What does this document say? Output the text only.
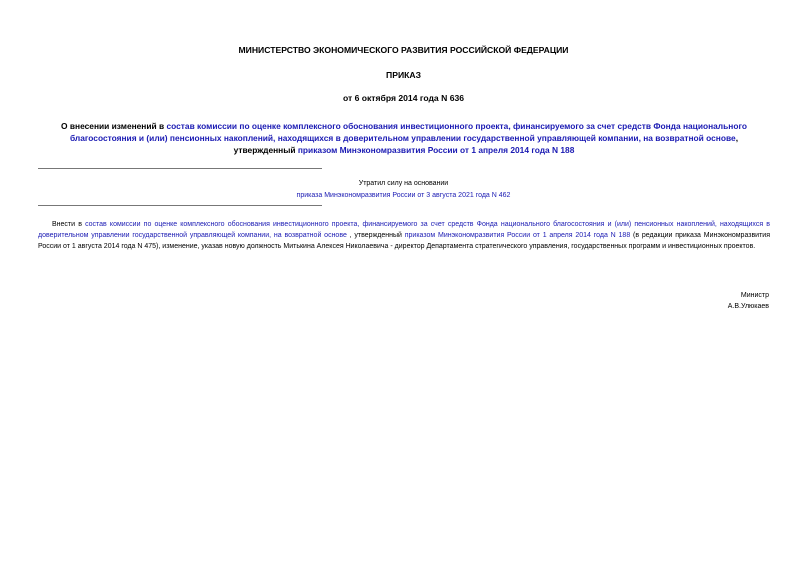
МИНИСТЕРСТВО ЭКОНОМИЧЕСКОГО РАЗВИТИЯ РОССИЙСКОЙ ФЕДЕРАЦИИ
ПРИКАЗ
от 6 октября 2014 года N 636
О внесении изменений в состав комиссии по оценке комплексного обоснования инвестиционного проекта, финансируемого за счет средств Фонда национального благосостояния и (или) пенсионных накоплений, находящихся в доверительном управлении государственной управляющей компании, на возвратной основе, утвержденный приказом Минэкономразвития России от 1 апреля 2014 года N 188
Утратил силу на основании
приказа Минэкономразвития России от 3 августа 2021 года N 462
Внести в состав комиссии по оценке комплексного обоснования инвестиционного проекта, финансируемого за счет средств Фонда национального благосостояния и (или) пенсионных накоплений, находящихся в доверительном управлении государственной управляющей компании, на возвратной основе , утвержденный приказом Минэкономразвития России от 1 апреля 2014 года N 188 (в редакции приказа Минэкономразвития России от 1 августа 2014 года N 475), изменение, указав новую должность Митькина Алексея Николаевича - директор Департамента стратегического управления, государственных программ и инвестиционных проектов.
Министр
А.В.Улюкаев
